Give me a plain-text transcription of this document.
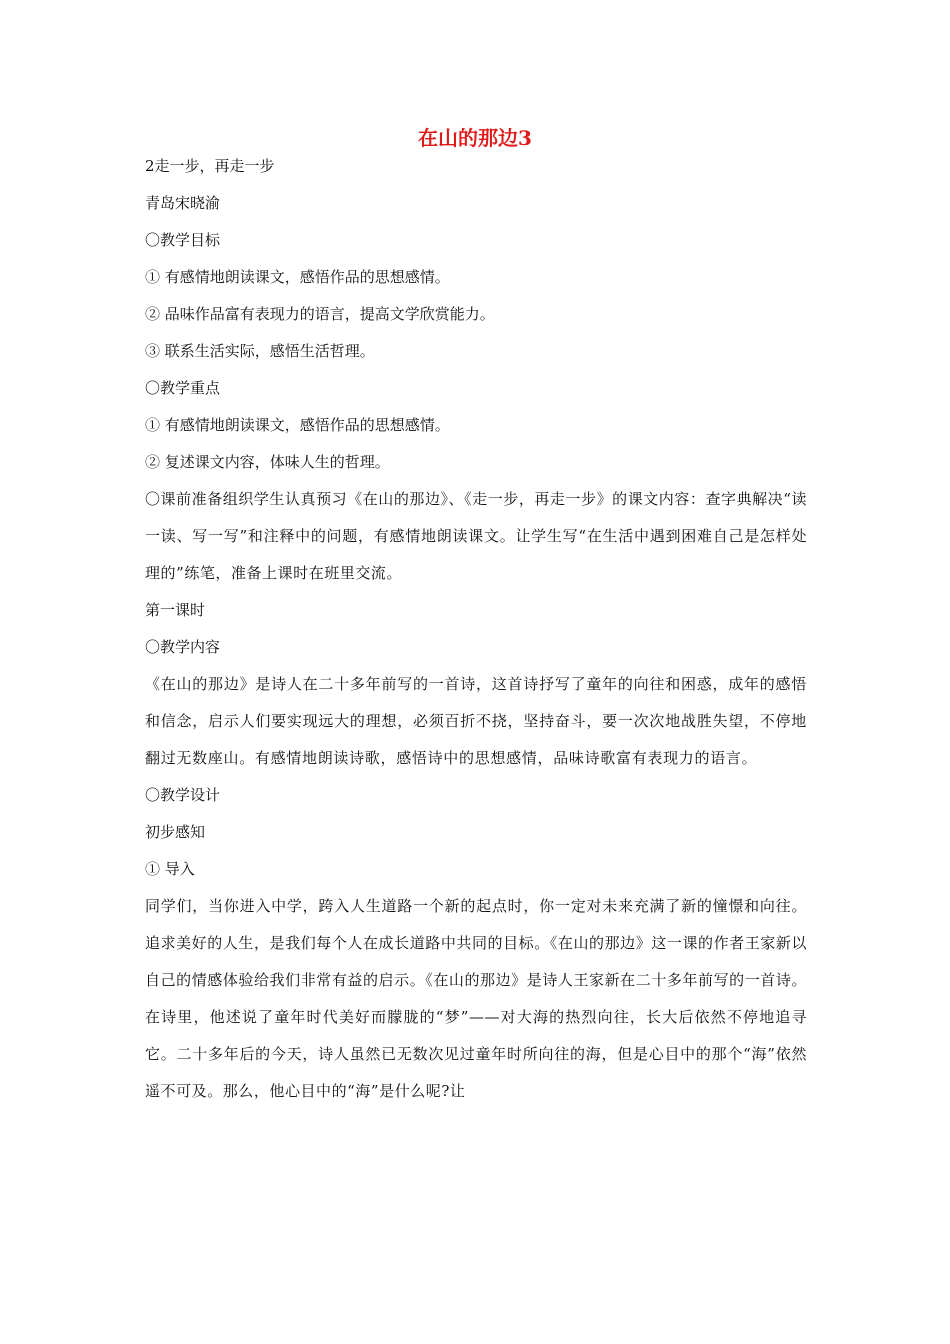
在山的那边3

2走一步，再走一步

青岛宋晓渝

〇教学目标

① 有感情地朗读课文，感悟作品的思想感情。

② 品味作品富有表现力的语言，提高文学欣赏能力。

③ 联系生活实际，感悟生活哲理。

〇教学重点

① 有感情地朗读课文，感悟作品的思想感情。

② 复述课文内容，体味人生的哲理。

〇课前准备组织学生认真预习《在山的那边》、《走一步，再走一步》的课文内容：查字典解决“读一读、写一写”和注释中的问题，有感情地朗读课文。让学生写“在生活中遇到困难自己是怎样处理的”练笔，准备上课时在班里交流。

第一课时

〇教学内容

《在山的那边》是诗人在二十多年前写的一首诗，这首诗抒写了童年的向往和困惑，成年的感悟和信念，启示人们要实现远大的理想，必须百折不挠，坚持奋斗，要一次次地战胜失望，不停地翻过无数座山。有感情地朗读诗歌，感悟诗中的思想感情，品味诗歌富有表现力的语言。

〇教学设计

初步感知

① 导入

同学们，当你进入中学，跨入人生道路一个新的起点时，你一定对未来充满了新的憧憬和向往。追求美好的人生，是我们每个人在成长道路中共同的目标。《在山的那边》这一课的作者王家新以自己的情感体验给我们非常有益的启示。《在山的那边》是诗人王家新在二十多年前写的一首诗。在诗里，他述说了童年时代美好而朦胧的“梦”——对大海的热烈向往，长大后依然不停地追寻它。二十多年后的今天，诗人虽然已无数次见过童年时所向往的海，但是心目中的那个“海”依然遥不可及。那么，他心目中的“海”是什么呢?让
